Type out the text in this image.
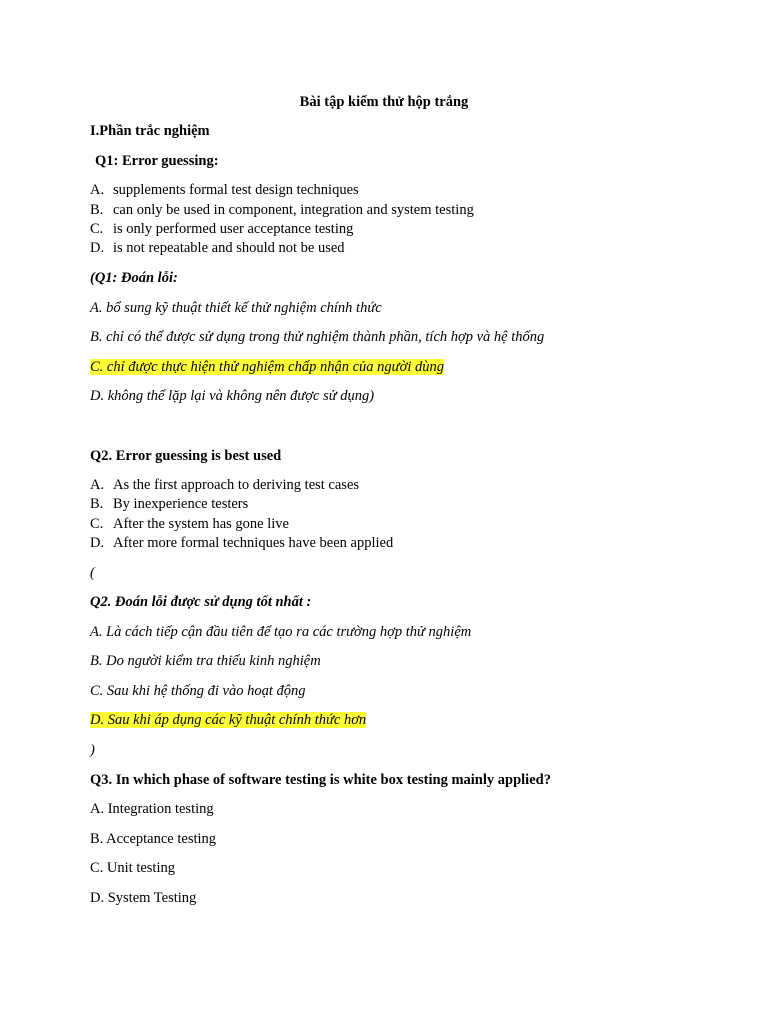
Bài tập kiểm thử hộp trắng
I.Phần trắc nghiệm
Q1: Error guessing:
A. supplements formal test design techniques
B. can only be used in component, integration and system testing
C. is only performed user acceptance testing
D. is not repeatable and should not be used
(Q1: Đoán lỗi:
A. bổ sung kỹ thuật thiết kế thử nghiệm chính thức
B. chỉ có thể được sử dụng trong thử nghiệm thành phần, tích hợp và hệ thống
C. chỉ được thực hiện thử nghiệm chấp nhận của người dùng
D. không thể lặp lại và không nên được sử dụng)
Q2. Error guessing is best used
A. As the first approach to deriving test cases
B. By inexperience testers
C. After the system has gone live
D. After more formal techniques have been applied
(
Q2. Đoán lỗi được sử dụng tốt nhất :
A. Là cách tiếp cận đầu tiên để tạo ra các trường hợp thử nghiệm
B. Do người kiểm tra thiếu kinh nghiệm
C. Sau khi hệ thống đi vào hoạt động
D. Sau khi áp dụng các kỹ thuật chính thức hơn
)
Q3. In which phase of software testing is white box testing mainly applied?
A. Integration testing
B. Acceptance testing
C. Unit testing
D. System Testing
